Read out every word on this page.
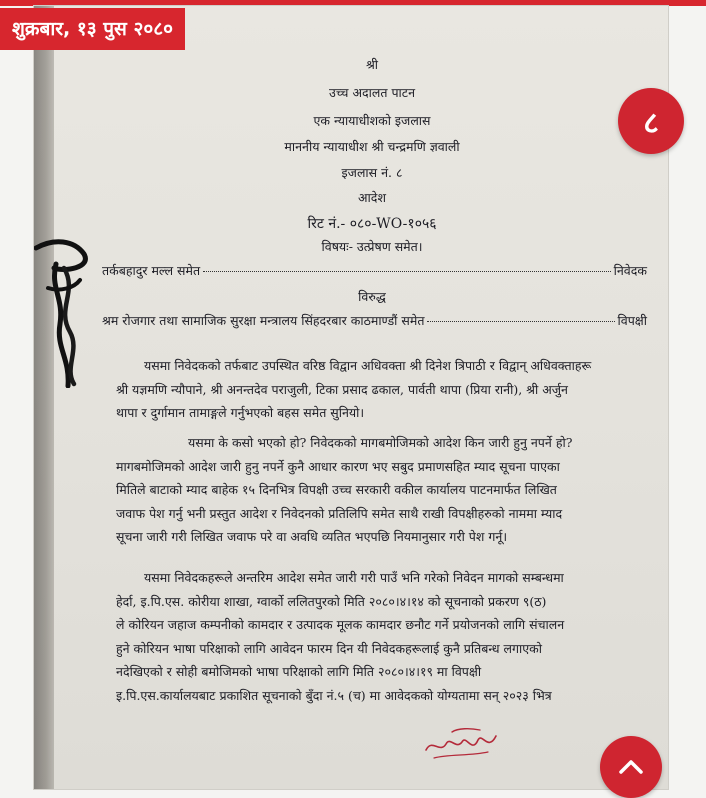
शुक्रबार, १३ पुस २०८०
श्री
उच्च अदालत पाटन
एक न्यायाधीशको इजलास
माननीय न्यायाधीश श्री चन्द्रमणि ज्ञवाली
इजलास नं. ८
आदेश
रिट नं.- ०८०-WO-१०५६
विषयः- उत्प्रेषण समेत।
तर्कबहादुर मल्ल समेत	निवेदक
विरुद्ध
श्रम रोजगार तथा सामाजिक सुरक्षा मन्त्रालय सिंहदरबार काठमाण्डौं समेत	विपक्षी
यसमा निवेदकको तर्फबाट उपस्थित वरिष्ठ विद्वान अधिवक्ता श्री दिनेश त्रिपाठी र विद्वान् अधिवक्ताहरू
श्री यज्ञमणि न्यौपाने, श्री अनन्तदेव पराजुली, टिका प्रसाद ढकाल, पार्वती थापा (प्रिया रानी), श्री अर्जुन
थापा र दुर्गामान तामाङ्गले गर्नुभएको बहस समेत सुनियो।
यसमा के कसो भएको हो? निवेदकको मागबमोजिमको आदेश किन जारी हुनु नपर्ने हो?
मागबमोजिमको आदेश जारी हुनु नपर्ने कुनै आधार कारण भए सबुद प्रमाणसहित म्याद सूचना पाएका
मितिले बाटाको म्याद बाहेक १५ दिनभित्र विपक्षी उच्च सरकारी वकील कार्यालय पाटनमार्फत लिखित
जवाफ पेश गर्नु भनी प्रस्तुत आदेश र निवेदनको प्रतिलिपि समेत साथै राखी विपक्षीहरुको नाममा म्याद
सूचना जारी गरी लिखित जवाफ परे वा अवधि व्यतित भएपछि नियमानुसार गरी पेश गर्नू।
यसमा निवेदकहरूले अन्तरिम आदेश समेत जारी गरी पाउँ भनि गरेको निवेदन मागको सम्बन्धमा
हेर्दा, इ.पि.एस. कोरीया शाखा, ग्वार्को ललितपुरको मिति २०८०।४।१४ को सूचनाको प्रकरण ९(ठ)
ले कोरियन जहाज कम्पनीको कामदार र उत्पादक मूलक कामदार छनौट गर्ने प्रयोजनको लागि संचालन
हुने कोरियन भाषा परिक्षाको लागि आवेदन फारम दिन यी निवेदकहरूलाई कुनै प्रतिबन्ध लगाएको
नदेखिएको र सोही बमोजिमको भाषा परिक्षाको लागि मिति २०८०।४।१९ मा विपक्षी
इ.पि.एस.कार्यालयबाट प्रकाशित सूचनाको बुँदा नं.५ (च) मा आवेदकको योग्यतामा सन् २०२३ भित्र
८
